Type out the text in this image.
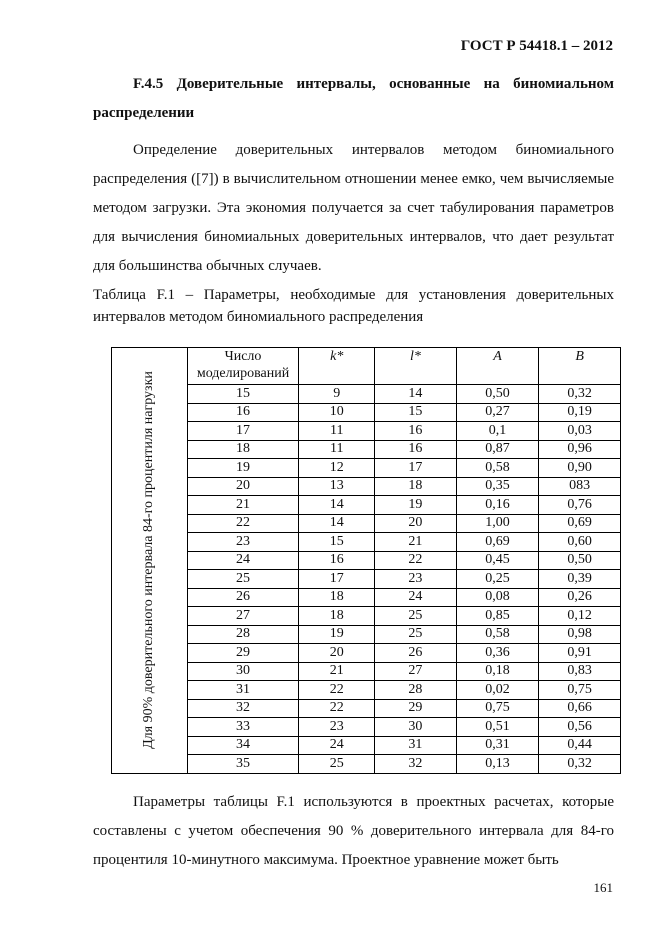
ГОСТ Р 54418.1 – 2012
F.4.5 Доверительные интервалы, основанные на биномиальном распределении
Определение доверительных интервалов методом биномиального распределения ([7]) в вычислительном отношении менее емко, чем вычисляемые методом загрузки. Эта экономия получается за счет табулирования параметров для вычисления биномиальных доверительных интервалов, что дает результат для большинства обычных случаев.
Таблица F.1 – Параметры, необходимые для установления доверительных интервалов методом биномиального распределения
Для 90% доверительного интервала 84-го процентиля нагрузки	Число моделирований	k*	l*	A	B
	15	9	14	0,50	0,32
	16	10	15	0,27	0,19
	17	11	16	0,1	0,03
	18	11	16	0,87	0,96
	19	12	17	0,58	0,90
	20	13	18	0,35	083
	21	14	19	0,16	0,76
	22	14	20	1,00	0,69
	23	15	21	0,69	0,60
	24	16	22	0,45	0,50
	25	17	23	0,25	0,39
	26	18	24	0,08	0,26
	27	18	25	0,85	0,12
	28	19	25	0,58	0,98
	29	20	26	0,36	0,91
	30	21	27	0,18	0,83
	31	22	28	0,02	0,75
	32	22	29	0,75	0,66
	33	23	30	0,51	0,56
	34	24	31	0,31	0,44
	35	25	32	0,13	0,32
Параметры таблицы F.1 используются в проектных расчетах, которые составлены с учетом обеспечения 90 % доверительного интервала для 84-го процентиля 10-минутного максимума. Проектное уравнение может быть
161
